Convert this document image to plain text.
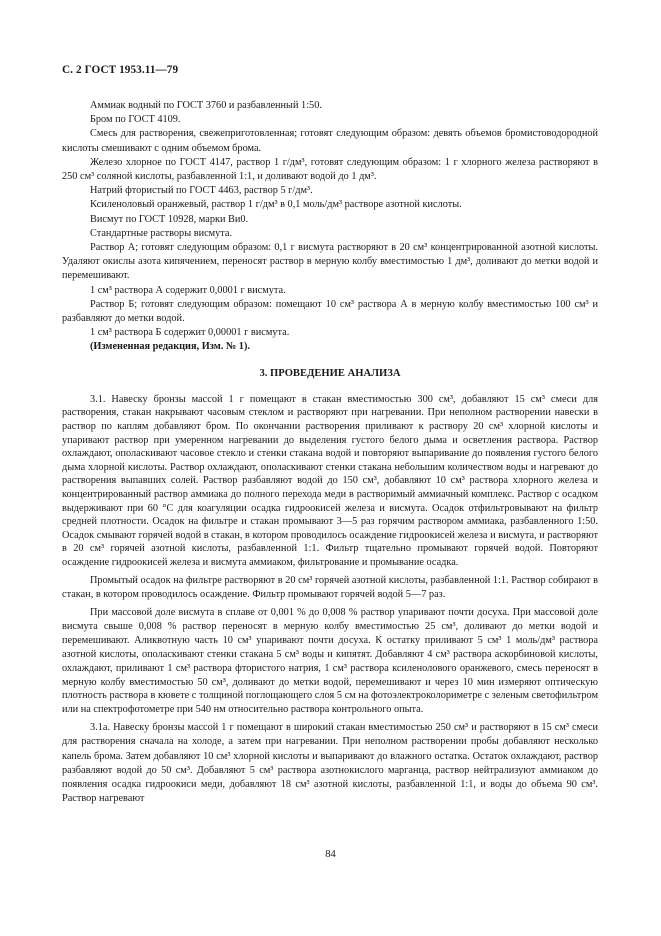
С. 2 ГОСТ 1953.11—79

Аммиак водный по ГОСТ 3760 и разбавленный 1:50.

Бром по ГОСТ 4109.

Смесь для растворения, свежеприготовленная; готовят следующим образом: девять объемов бромистоводородной кислоты смешивают с одним объемом брома.

Железо хлорное по ГОСТ 4147, раствор 1 г/дм³, готовят следующим образом: 1 г хлорного железа растворяют в 250 см³ соляной кислоты, разбавленной 1:1, и доливают водой до 1 дм³.

Натрий фтористый по ГОСТ 4463, раствор 5 г/дм³.

Ксиленоловый оранжевый, раствор 1 г/дм³ в 0,1 моль/дм³ растворе азотной кислоты.

Висмут по ГОСТ 10928, марки Ви0.

Стандартные растворы висмута.

Раствор А; готовят следующим образом: 0,1 г висмута растворяют в 20 см³ концентрированной азотной кислоты. Удаляют окислы азота кипячением, переносят раствор в мерную колбу вместимостью 1 дм³, доливают до метки водой и перемешивают.

1 см³ раствора А содержит 0,0001 г висмута.

Раствор Б; готовят следующим образом: помещают 10 см³ раствора А в мерную колбу вместимостью 100 см³ и разбавляют до метки водой.

1 см³ раствора Б содержит 0,00001 г висмута.

(Измененная редакция, Изм. № 1).

3. ПРОВЕДЕНИЕ АНАЛИЗА

3.1. Навеску бронзы массой 1 г помещают в стакан вместимостью 300 см³, добавляют 15 см³ смеси для растворения, стакан накрывают часовым стеклом и растворяют при нагревании. При неполном растворении навески в раствор по каплям добавляют бром. По окончании растворения приливают к раствору 20 см³ хлорной кислоты и упаривают раствор при умеренном нагревании до выделения густого белого дыма и осветления раствора. Раствор охлаждают, ополаскивают часовое стекло и стенки стакана водой и повторяют выпаривание до появления густого белого дыма хлорной кислоты. Раствор охлаждают, ополаскивают стенки стакана небольшим количеством воды и нагревают до растворения выпавших солей. Раствор разбавляют водой до 150 см³, добавляют 10 см³ раствора хлорного железа и концентрированный раствор аммиака до полного перехода меди в растворимый аммиачный комплекс. Раствор с осадком выдерживают при 60 °С для коагуляции осадка гидроокисей железа и висмута. Осадок отфильтровывают на фильтр средней плотности. Осадок на фильтре и стакан промывают 3—5 раз горячим раствором аммиака, разбавленного 1:50. Осадок смывают горячей водой в стакан, в котором проводилось осаждение гидроокисей железа и висмута, и растворяют в 20 см³ горячей азотной кислоты, разбавленной 1:1. Фильтр тщательно промывают горячей водой. Повторяют осаждение гидроокисей железа и висмута аммиаком, фильтрование и промывание осадка.

Промытый осадок на фильтре растворяют в 20 см³ горячей азотной кислоты, разбавленной 1:1. Раствор собирают в стакан, в котором проводилось осаждение. Фильтр промывают горячей водой 5—7 раз.

При массовой доле висмута в сплаве от 0,001 % до 0,008 % раствор упаривают почти досуха. При массовой доле висмута свыше 0,008 % раствор переносят в мерную колбу вместимостью 25 см³, доливают до метки водой и перемешивают. Аликвотную часть 10 см³ упаривают почти досуха. К остатку приливают 5 см³ 1 моль/дм³ раствора азотной кислоты, ополаскивают стенки стакана 5 см³ воды и кипятят. Добавляют 4 см³ раствора аскорбиновой кислоты, охлаждают, приливают 1 см³ раствора фтористого натрия, 1 см³ раствора ксиленолового оранжевого, смесь переносят в мерную колбу вместимостью 50 см³, доливают до метки водой, перемешивают и через 10 мин измеряют оптическую плотность раствора в кювете с толщиной поглощающего слоя 5 см на фотоэлектроколориметре с зеленым светофильтром или на спектрофотометре при 540 нм относительно раствора контрольного опыта.

3.1а. Навеску бронзы массой 1 г помещают в широкий стакан вместимостью 250 см³ и растворяют в 15 см³ смеси для растворения сначала на холоде, а затем при нагревании. При неполном растворении пробы добавляют несколько капель брома. Затем добавляют 10 см³ хлорной кислоты и выпаривают до влажного остатка. Остаток охлаждают, раствор разбавляют водой до 50 см³. Добавляют 5 см³ раствора азотнокислого марганца, раствор нейтрализуют аммиаком до появления осадка гидроокиси меди, добавляют 18 см³ азотной кислоты, разбавленной 1:1, и воды до объема 90 см³. Раствор нагревают

84
